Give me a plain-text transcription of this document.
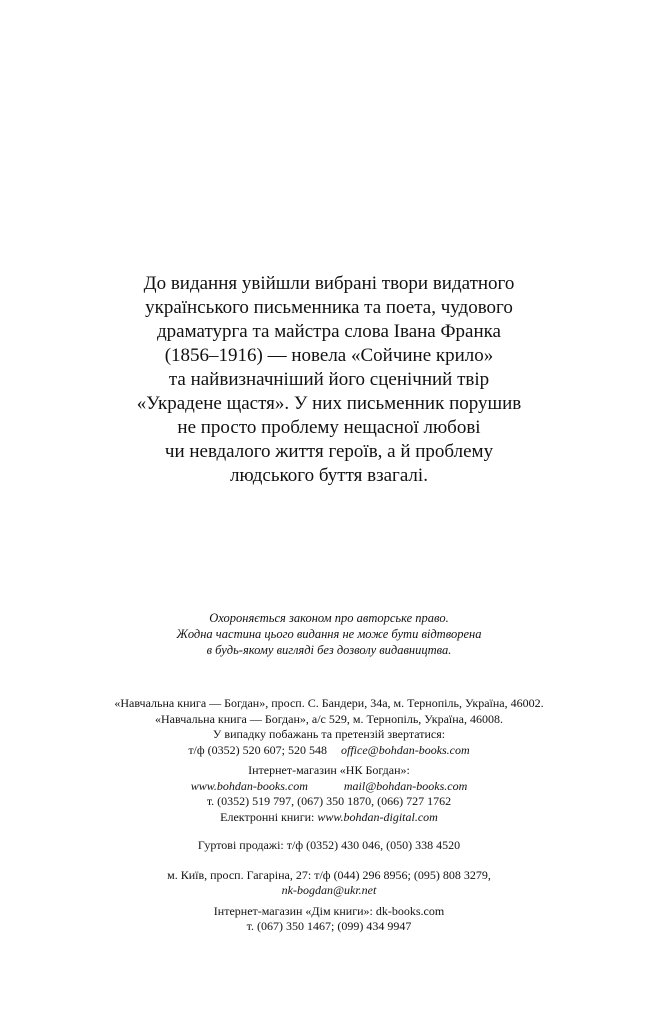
До видання увійшли вибрані твори видатного
українського письменника та поета, чудового
драматурга та майстра слова Івана Франка
(1856–1916) — новела «Сойчине крило»
та найвизначніший його сценічний твір
«Украдене щастя». У них письменник порушив
не просто проблему нещасної любові
чи невдалого життя героїв, а й проблему
людського буття взагалі.
Охороняється законом про авторське право.
Жодна частина цього видання не може бути відтворена
в будь-якому вигляді без дозволу видавництва.
«Навчальна книга — Богдан», просп. С. Бандери, 34а, м. Тернопіль, Україна, 46002.
«Навчальна книга — Богдан», а/с 529, м. Тернопіль, Україна, 46008.
У випадку побажань та претензій звертатися:
т/ф (0352) 520 607; 520 548 office@bohdan-books.com
Інтернет-магазин «НК Богдан»:
www.bohdan-books.com	mail@bohdan-books.com
т. (0352) 519 797, (067) 350 1870, (066) 727 1762
Електронні книги: www.bohdan-digital.com
Гуртові продажі: т/ф (0352) 430 046, (050) 338 4520
м. Київ, просп. Гагаріна, 27: т/ф (044) 296 8956; (095) 808 3279,
nk-bogdan@ukr.net
Інтернет-магазин «Дім книги»: dk-books.com
т. (067) 350 1467; (099) 434 9947
